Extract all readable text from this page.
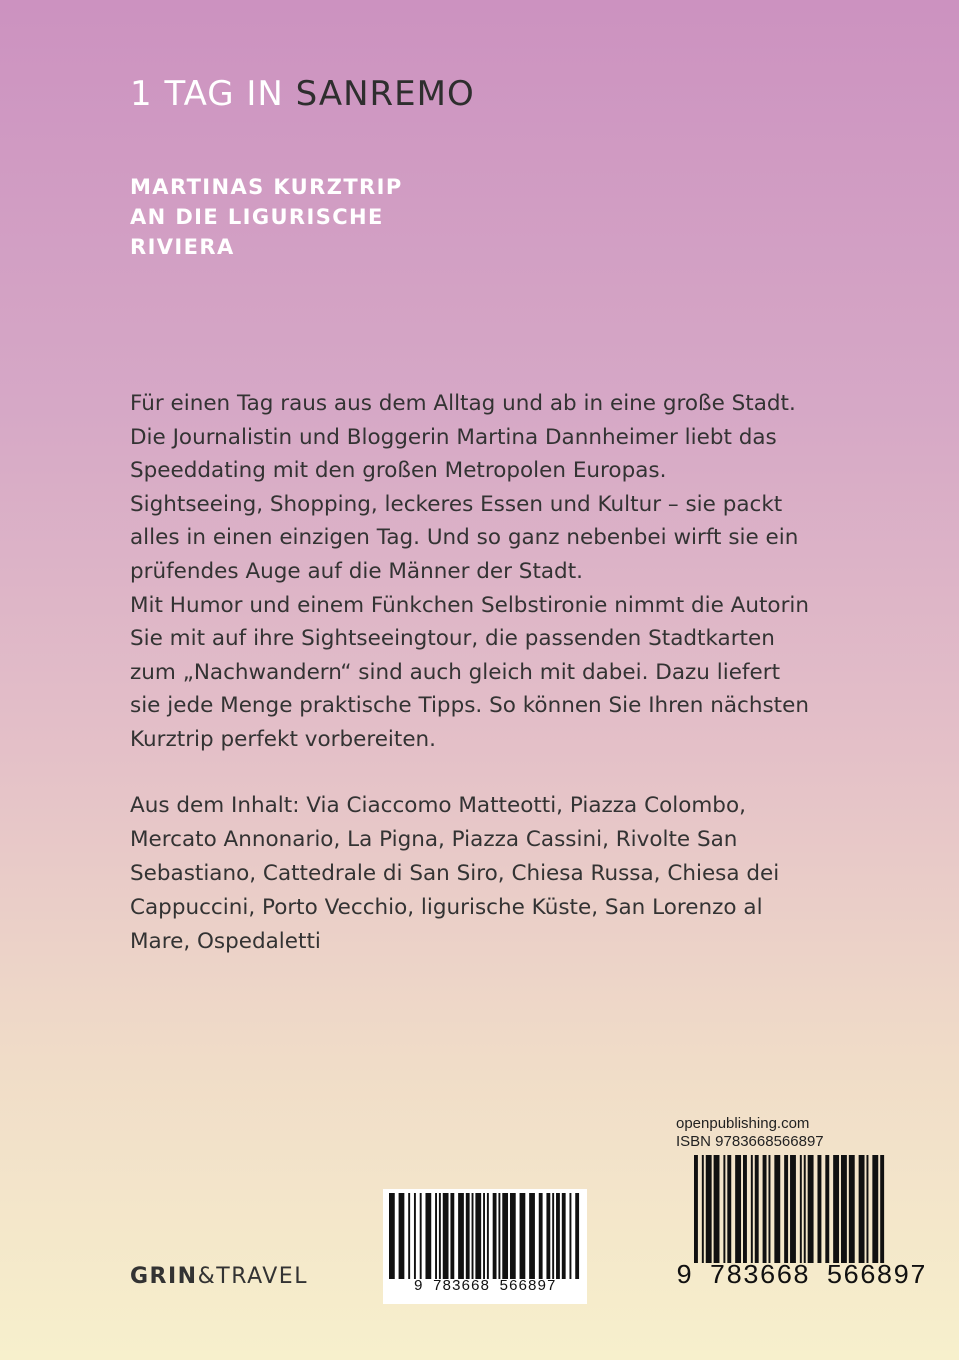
1 TAG IN SANREMO
MARTINAS KURZTRIP
AN DIE LIGURISCHE
RIVIERA
Für einen Tag raus aus dem Alltag und ab in eine große Stadt.
Die Journalistin und Bloggerin Martina Dannheimer liebt das
Speeddating mit den großen Metropolen Europas.
Sightseeing, Shopping, leckeres Essen und Kultur – sie packt
alles in einen einzigen Tag. Und so ganz nebenbei wirft sie ein
prüfendes Auge auf die Männer der Stadt.
Mit Humor und einem Fünkchen Selbstironie nimmt die Autorin
Sie mit auf ihre Sightseeingtour, die passenden Stadtkarten
zum „Nachwandern“ sind auch gleich mit dabei. Dazu liefert
sie jede Menge praktische Tipps. So können Sie Ihren nächsten
Kurztrip perfekt vorbereiten.
Aus dem Inhalt: Via Ciaccomo Matteotti, Piazza Colombo,
Mercato Annonario, La Pigna, Piazza Cassini, Rivolte San
Sebastiano, Cattedrale di San Siro, Chiesa Russa, Chiesa dei
Cappuccini, Porto Vecchio, ligurische Küste, San Lorenzo al
Mare, Ospedaletti
GRIN&TRAVEL	9 783668 566897
openpublishing.com
ISBN 9783668566897
9 783668 566897
